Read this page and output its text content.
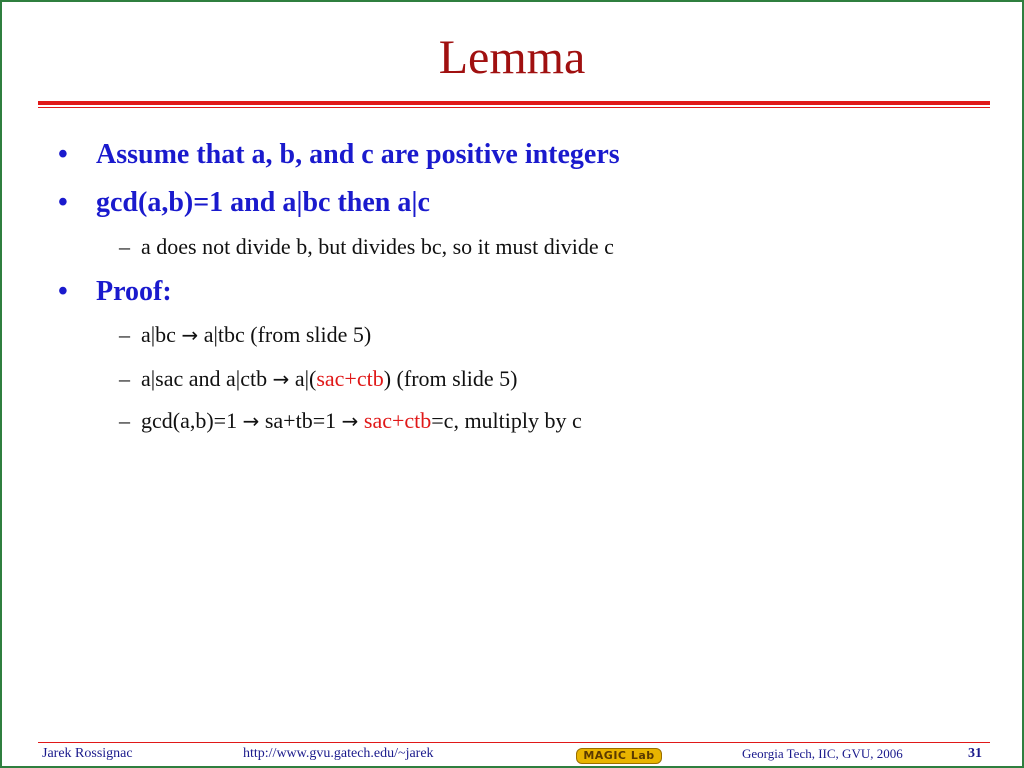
Lemma
• Assume that a, b, and c are positive integers
• gcd(a,b)=1 and a|bc then a|c
– a does not divide b, but divides bc, so it must divide c
• Proof:
– a|bc → a|tbc (from slide 5)
– a|sac and a|ctb → a|(sac+ctb) (from slide 5)
– gcd(a,b)=1 → sa+tb=1 → sac+ctb=c, multiply by c
Jarek Rossignac	http://www.gvu.gatech.edu/~jarek	MAGIC Lab	Georgia Tech, IIC, GVU, 2006	31
